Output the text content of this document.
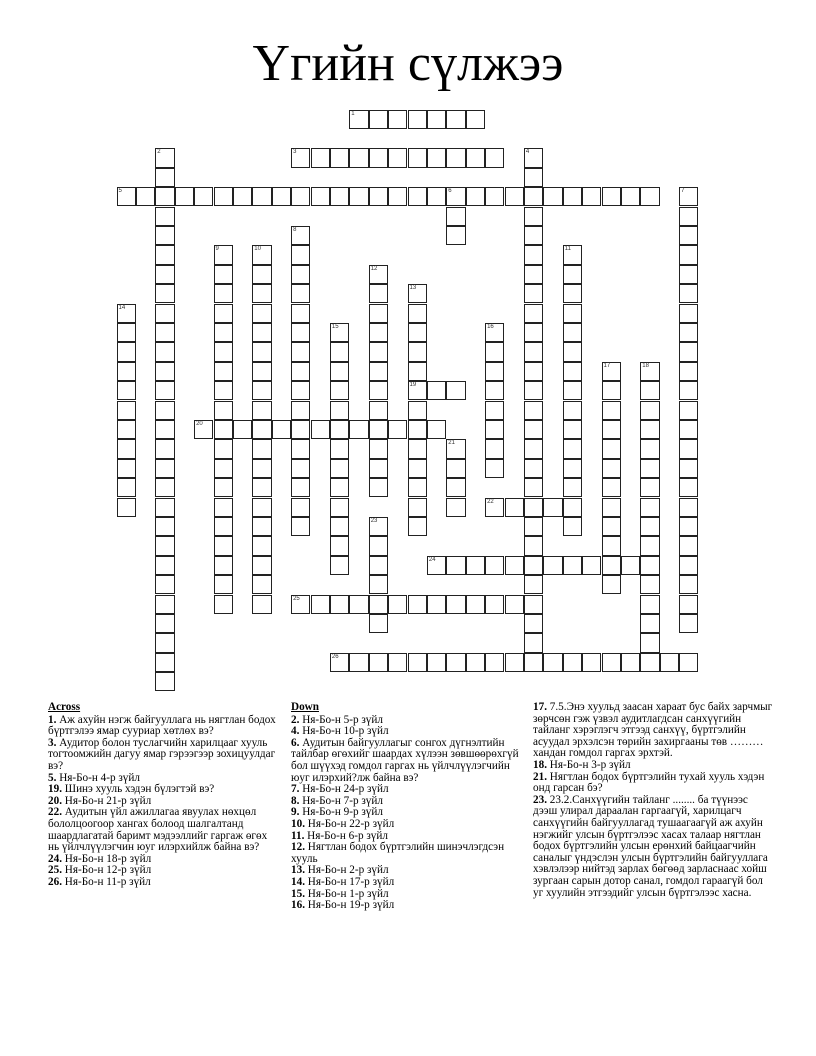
Үгийн сүлжээ
1
2	3	4
5	6	7
8
9	10	11
12
13
19
14
15	16
17	18
20
21
22
23
24
25
26
Across

1. Аж ахуйн нэгж байгууллага нь нягтлан бодох бүртгэлээ ямар сууриар хөтлөх вэ?

3. Аудитор болон туслагчийн харилцааг хууль тогтоомжийн дагуу ямар гэрээгээр зохицуулдаг вэ?

5. Ня-Бо-н 4-р зүйл

19. Шинэ хууль хэдэн бүлэгтэй вэ?

20. Ня-Бо-н 21-р зүйл

22. Аудитын үйл ажиллагаа явуулах нөхцөл бололцоогоор хангах болоод шалгалтанд шаардлагатай баримт мэдээллийг гаргаж өгөх нь үйлчлүүлэгчин юуг илэрхийлж байна вэ?

24. Ня-Бо-н 18-р зүйл

25. Ня-Бо-н 12-р зүйл

26. Ня-Бо-н 11-р зүйл

Down

2. Ня-Бо-н 5-р зүйл

4. Ня-Бо-н 10-р зүйл

6. Аудитын байгууллагыг сонгох дүгнэлтийн тайлбар өгөхийг шаардах хүлээн зөвшөөрөхгүй бол шүүхэд гомдол гаргах нь үйлчлүүлэгчийн юуг илэрхий?лж байна вэ?

7. Ня-Бо-н 24-р зүйл

8. Ня-Бо-н 7-р зүйл

9. Ня-Бо-н 9-р зүйл

10. Ня-Бо-н 22-р зүйл

11. Ня-Бо-н 6-р зүйл

12. Нягтлан бодох бүртгэлийн шинэчлэгдсэн хууль

13. Ня-Бо-н 2-р зүйл

14. Ня-Бо-н 17-р зүйл

15. Ня-Бо-н 1-р зүйл

16. Ня-Бо-н 19-р зүйл

17. 7.5.Энэ хуульд заасан хараат бус байх зарчмыг зөрчсөн гэж үзвэл аудитлагдсан санхүүгийн тайланг хэрэглэгч этгээд санхүү, бүртгэлийн асуудал эрхэлсэн төрийн захиргааны төв ……… хандан гомдол гаргах эрхтэй.

18. Ня-Бо-н 3-р зүйл

21. Нягтлан бодох бүртгэлийн тухай хууль хэдэн онд гарсан бэ?

23. 23.2.Санхүүгийн тайланг ........ ба түүнээс дээш улирал дараалан гаргаагүй, харилцагч санхүүгийн байгууллагад тушаагаагүй аж ахуйн нэгжийг улсын бүртгэлээс хасах талаар нягтлан бодох бүртгэлийн улсын ерөнхий байцаагчийн саналыг үндэслэн улсын бүртгэлийн байгууллага хэвлэлээр нийтэд зарлах бөгөөд зарласнаас хойш зургаан сарын дотор санал, гомдол гараагүй бол уг хуулийн этгээдийг улсын бүртгэлээс хасна.
